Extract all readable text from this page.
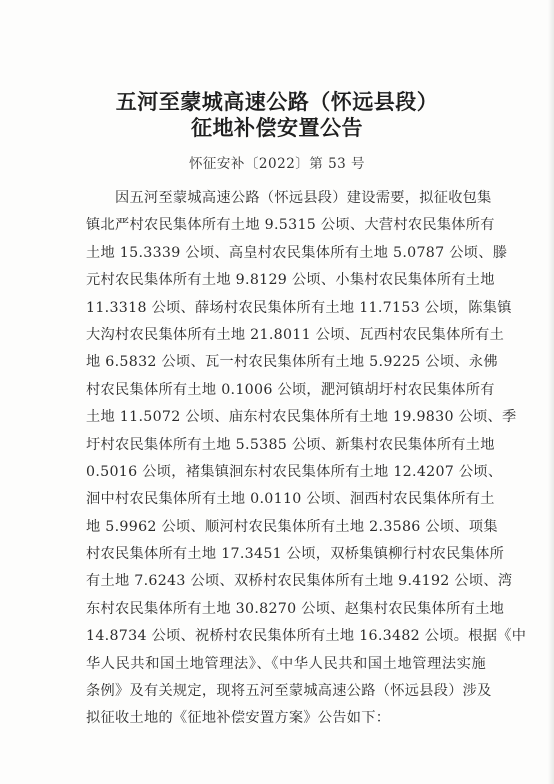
五河至蒙城高速公路（怀远县段）
征地补偿安置公告
怀征安补〔2022〕第 53 号
　　因五河至蒙城高速公路（怀远县段）建设需要，拟征收包集
镇北严村农民集体所有土地 9.5315 公顷、大营村农民集体所有
土地 15.3339 公顷、高皇村农民集体所有土地 5.0787 公顷、滕
元村农民集体所有土地 9.8129 公顷、小集村农民集体所有土地
11.3318 公顷、薛场村农民集体所有土地 11.7153 公顷，陈集镇
大沟村农民集体所有土地 21.8011 公顷、瓦西村农民集体所有土
地 6.5832 公顷、瓦一村农民集体所有土地 5.9225 公顷、永佛
村农民集体所有土地 0.1006 公顷，淝河镇胡圩村农民集体所有
土地 11.5072 公顷、庙东村农民集体所有土地 19.9830 公顷、季
圩村农民集体所有土地 5.5385 公顷、新集村农民集体所有土地
0.5016 公顷，褚集镇洄东村农民集体所有土地 12.4207 公顷、
洄中村农民集体所有土地 0.0110 公顷、洄西村农民集体所有土
地 5.9962 公顷、顺河村农民集体所有土地 2.3586 公顷、项集
村农民集体所有土地 17.3451 公顷，双桥集镇柳行村农民集体所
有土地 7.6243 公顷、双桥村农民集体所有土地 9.4192 公顷、湾
东村农民集体所有土地 30.8270 公顷、赵集村农民集体所有土地
14.8734 公顷、祝桥村农民集体所有土地 16.3482 公顷。根据《中
华人民共和国土地管理法》、《中华人民共和国土地管理法实施
条例》及有关规定，现将五河至蒙城高速公路（怀远县段）涉及
拟征收土地的《征地补偿安置方案》公告如下：
